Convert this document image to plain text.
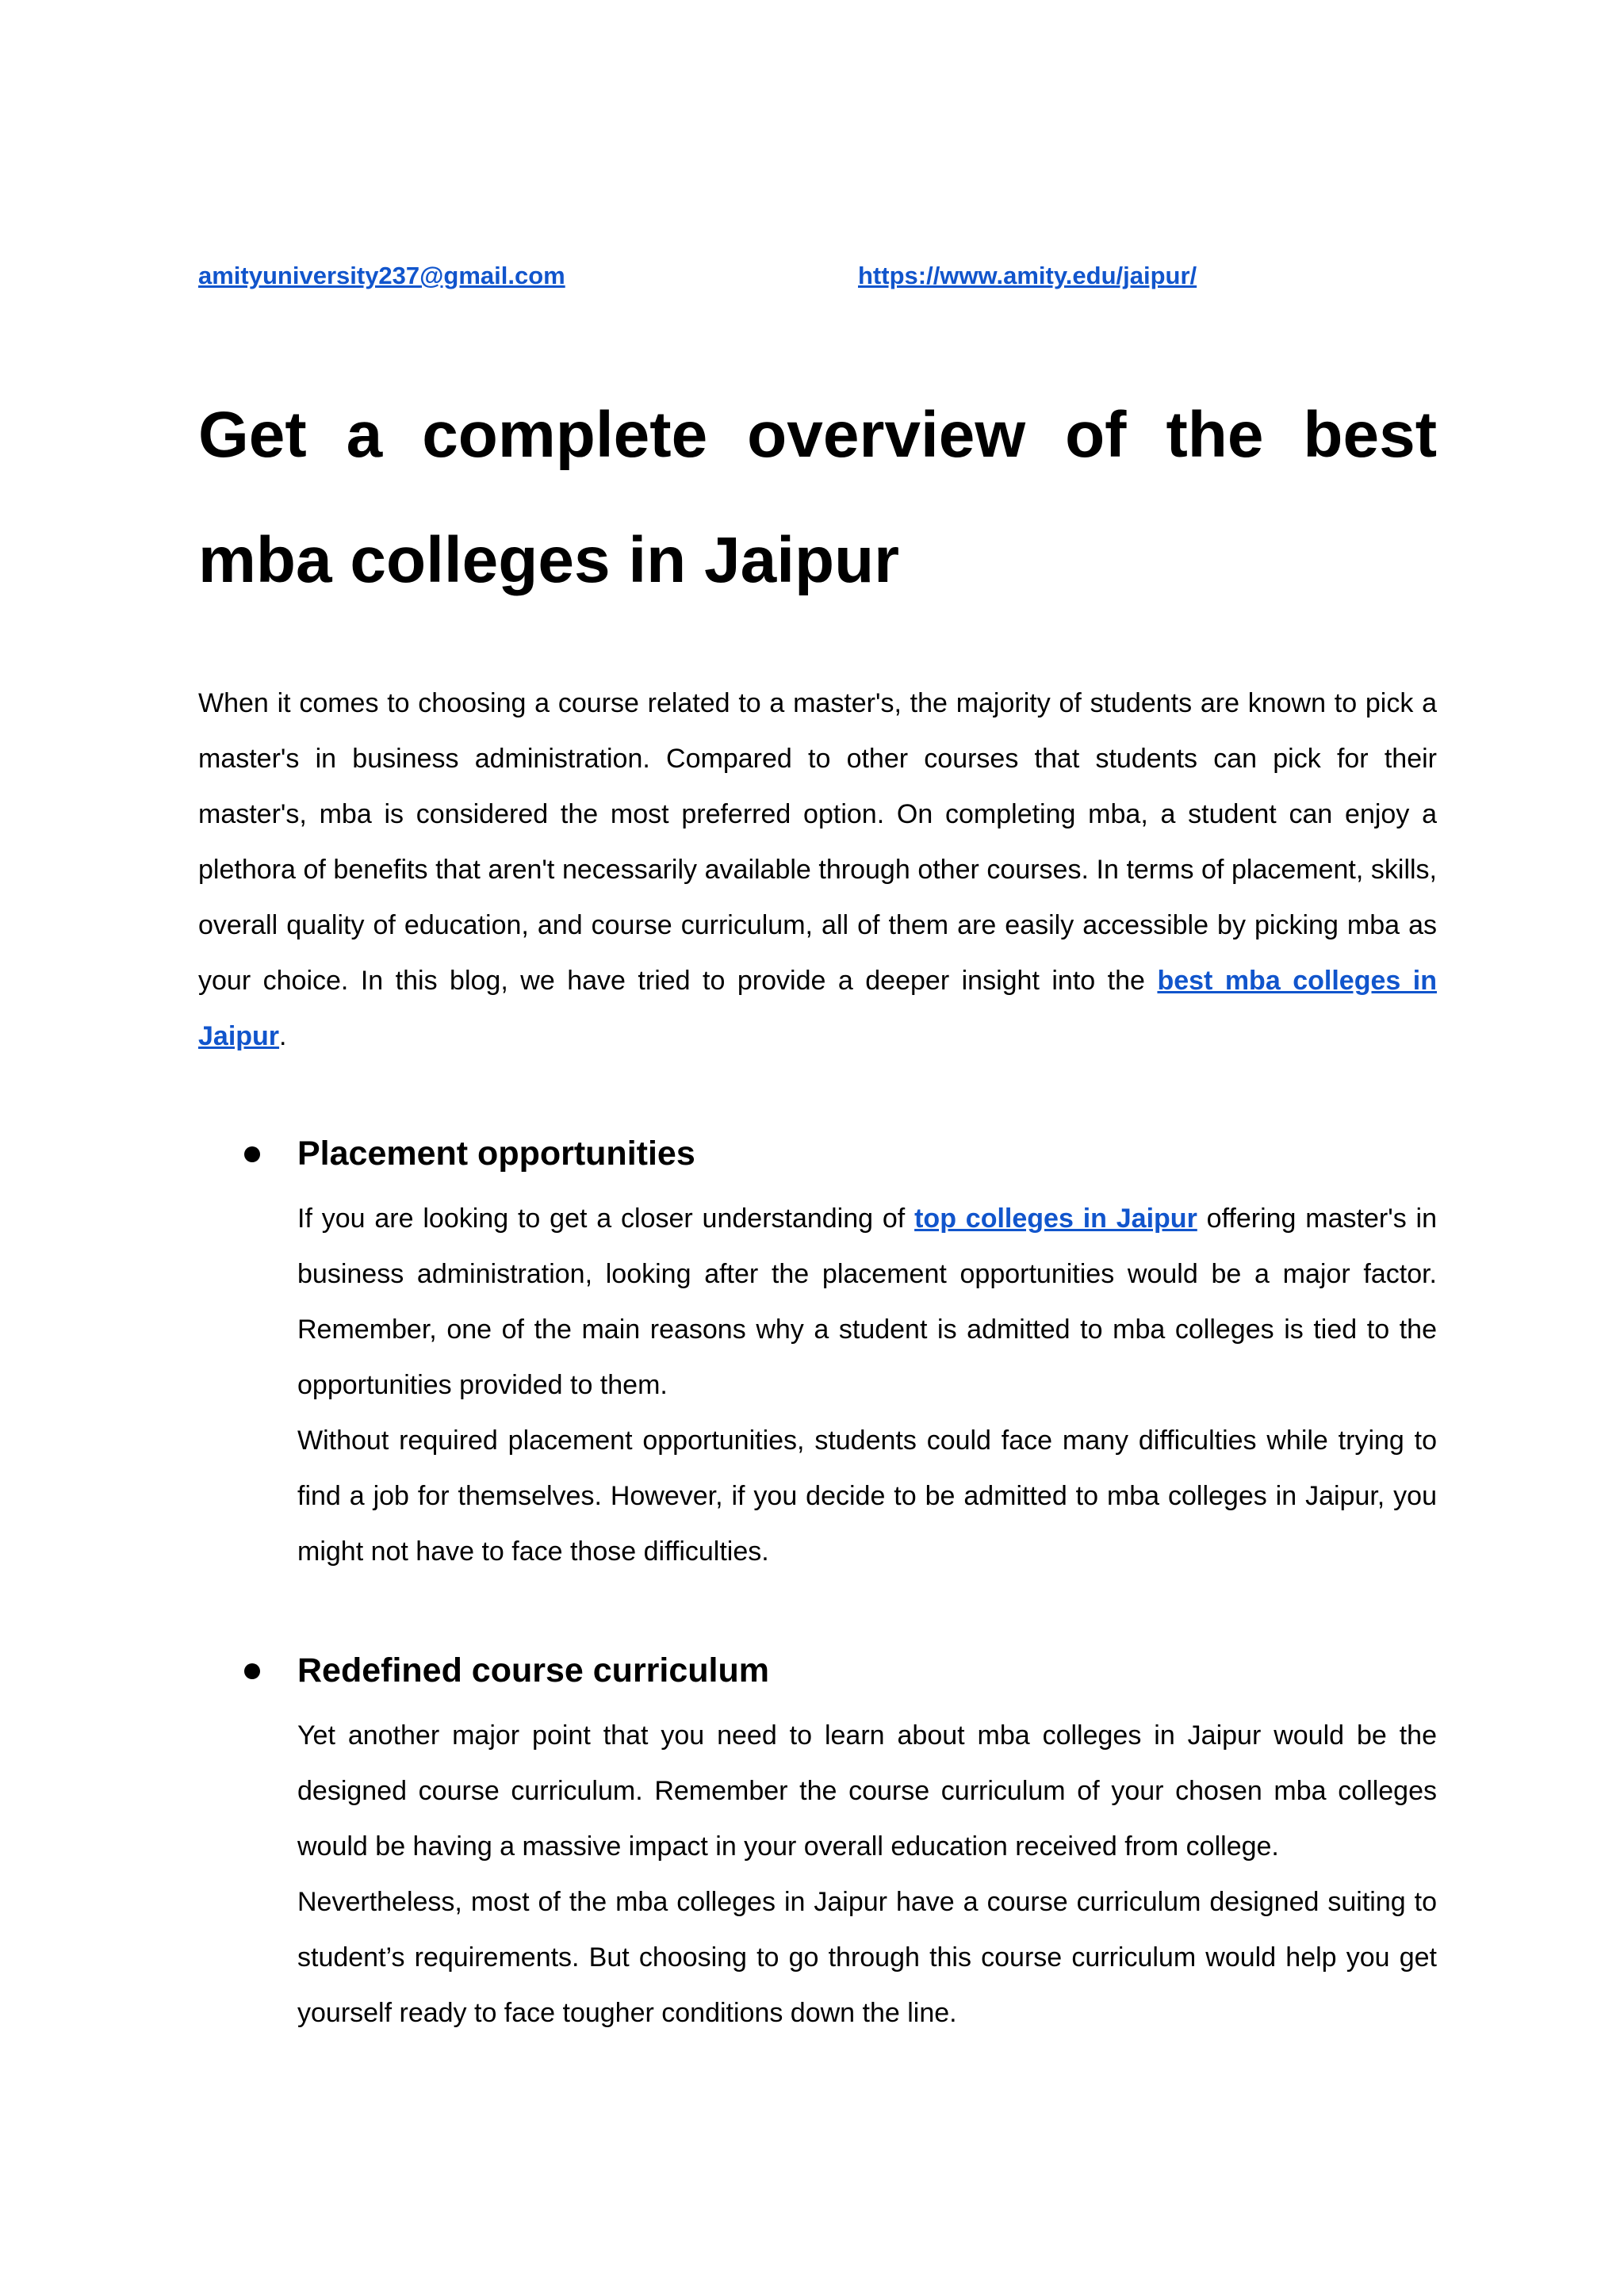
amityuniversity237@gmail.com	https://www.amity.edu/jaipur/
Get a complete overview of the best mba colleges in Jaipur

When it comes to choosing a course related to a master's, the majority of students are known to pick a master's in business administration. Compared to other courses that students can pick for their master's, mba is considered the most preferred option. On completing mba, a student can enjoy a plethora of benefits that aren't necessarily available through other courses. In terms of placement, skills, overall quality of education, and course curriculum, all of them are easily accessible by picking mba as your choice. In this blog, we have tried to provide a deeper insight into the best mba colleges in Jaipur.

Placement opportunities

If you are looking to get a closer understanding of top colleges in Jaipur offering master's in business administration, looking after the placement opportunities would be a major factor. Remember, one of the main reasons why a student is admitted to mba colleges is tied to the opportunities provided to them.

Without required placement opportunities, students could face many difficulties while trying to find a job for themselves. However, if you decide to be admitted to mba colleges in Jaipur, you might not have to face those difficulties.

Redefined course curriculum

Yet another major point that you need to learn about mba colleges in Jaipur would be the designed course curriculum. Remember the course curriculum of your chosen mba colleges would be having a massive impact in your overall education received from college.

Nevertheless, most of the mba colleges in Jaipur have a course curriculum designed suiting to student’s requirements. But choosing to go through this course curriculum would help you get yourself ready to face tougher conditions down the line.
